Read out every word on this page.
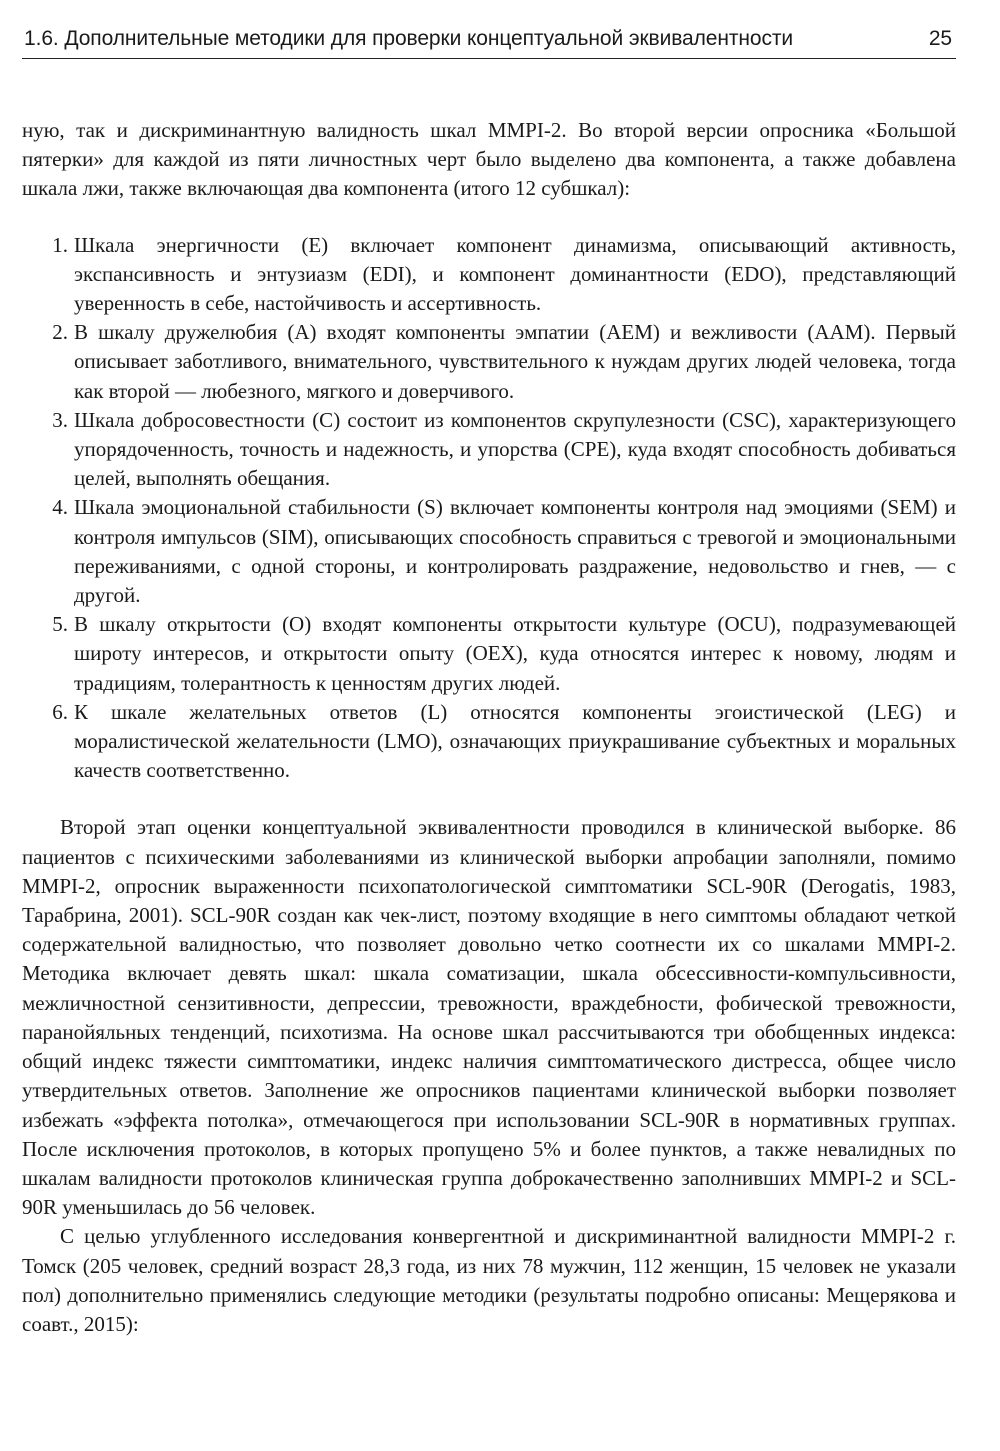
1.6. Дополнительные методики для проверки концептуальной эквивалентности	25

ную, так и дискриминантную валидность шкал MMPI-2. Во второй версии опросника «Большой пятерки» для каждой из пяти личностных черт было выделено два компонента, а также добавлена шкала лжи, также включающая два компонента (итого 12 субшкал):

1. Шкала энергичности (E) включает компонент динамизма, описывающий активность, экспансивность и энтузиазм (EDI), и компонент доминантности (EDO), представляющий уверенность в себе, настойчивость и ассертивность.
2. В шкалу дружелюбия (A) входят компоненты эмпатии (AEM) и вежливости (AAM). Первый описывает заботливого, внимательного, чувствительного к нуждам других людей человека, тогда как второй — любезного, мягкого и доверчивого.
3. Шкала добросовестности (C) состоит из компонентов скрупулезности (CSC), характеризующего упорядоченность, точность и надежность, и упорства (CPE), куда входят способность добиваться целей, выполнять обещания.
4. Шкала эмоциональной стабильности (S) включает компоненты контроля над эмоциями (SEM) и контроля импульсов (SIM), описывающих способность справиться с тревогой и эмоциональными переживаниями, с одной стороны, и контролировать раздражение, недовольство и гнев, — с другой.
5. В шкалу открытости (O) входят компоненты открытости культуре (OCU), подразумевающей широту интересов, и открытости опыту (OEX), куда относятся интерес к новому, людям и традициям, толерантность к ценностям других людей.
6. К шкале желательных ответов (L) относятся компоненты эгоистической (LEG) и моралистической желательности (LMO), означающих приукрашивание субъектных и моральных качеств соответственно.

Второй этап оценки концептуальной эквивалентности проводился в клинической выборке. 86 пациентов с психическими заболеваниями из клинической выборки апробации заполняли, помимо MMPI-2, опросник выраженности психопатологической симптоматики SCL-90R (Derogatis, 1983, Тарабрина, 2001). SCL-90R создан как чек-лист, поэтому входящие в него симптомы обладают четкой содержательной валидностью, что позволяет довольно четко соотнести их со шкалами MMPI-2. Методика включает девять шкал: шкала соматизации, шкала обсессивности-компульсивности, межличностной сензитивности, депрессии, тревожности, враждебности, фобической тревожности, паранойяльных тенденций, психотизма. На основе шкал рассчитываются три обобщенных индекса: общий индекс тяжести симптоматики, индекс наличия симптоматического дистресса, общее число утвердительных ответов. Заполнение же опросников пациентами клинической выборки позволяет избежать «эффекта потолка», отмечающегося при использовании SCL-90R в нормативных группах. После исключения протоколов, в которых пропущено 5% и более пунктов, а также невалидных по шкалам валидности протоколов клиническая группа доброкачественно заполнивших MMPI-2 и SCL-90R уменьшилась до 56 человек.

С целью углубленного исследования конвергентной и дискриминантной валидности MMPI-2 г. Томск (205 человек, средний возраст 28,3 года, из них 78 мужчин, 112 женщин, 15 человек не указали пол) дополнительно применялись следующие методики (результаты подробно описаны: Мещерякова и соавт., 2015):
